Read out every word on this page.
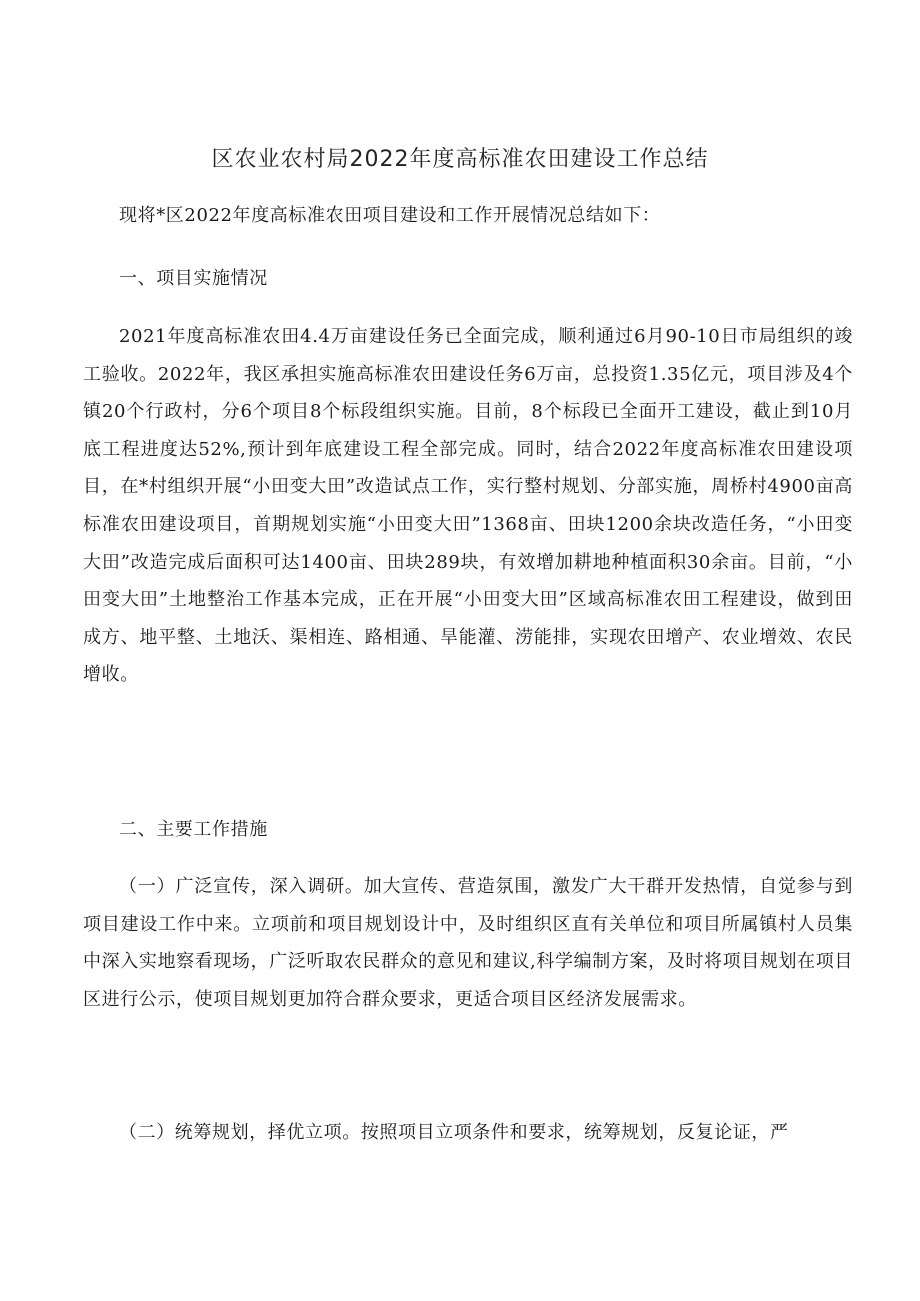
区农业农村局2022年度高标准农田建设工作总结
现将*区2022年度高标准农田项目建设和工作开展情况总结如下：
一、项目实施情况
2021年度高标准农田4.4万亩建设任务已全面完成，顺利通过6月90-10日市局组织的竣工验收。2022年，我区承担实施高标准农田建设任务6万亩，总投资1.35亿元，项目涉及4个镇20个行政村，分6个项目8个标段组织实施。目前，8个标段已全面开工建设，截止到10月底工程进度达52%,预计到年底建设工程全部完成。同时，结合2022年度高标准农田建设项目，在*村组织开展“小田变大田”改造试点工作，实行整村规划、分部实施，周桥村4900亩高标准农田建设项目，首期规划实施“小田变大田”1368亩、田块1200余块改造任务，“小田变大田”改造完成后面积可达1400亩、田块289块，有效增加耕地种植面积30余亩。目前，“小田变大田”土地整治工作基本完成，正在开展“小田变大田”区域高标准农田工程建设，做到田成方、地平整、土地沃、渠相连、路相通、旱能灌、涝能排，实现农田增产、农业增效、农民增收。
二、主要工作措施
（一）广泛宣传，深入调研。加大宣传、营造氛围，激发广大干群开发热情，自觉参与到项目建设工作中来。立项前和项目规划设计中，及时组织区直有关单位和项目所属镇村人员集中深入实地察看现场，广泛听取农民群众的意见和建议,科学编制方案，及时将项目规划在项目区进行公示，使项目规划更加符合群众要求，更适合项目区经济发展需求。
（二）统筹规划，择优立项。按照项目立项条件和要求，统筹规划，反复论证，严
